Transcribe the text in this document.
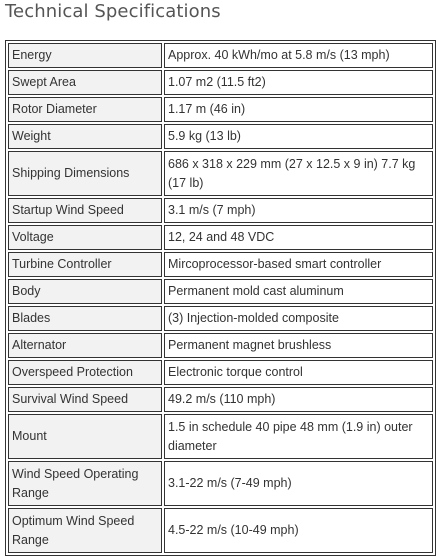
Technical Specifications
Energy	Approx. 40 kWh/mo at 5.8 m/s (13 mph)
Swept Area	1.07 m2 (11.5 ft2)
Rotor Diameter	1.17 m (46 in)
Weight	5.9 kg (13 lb)
Shipping Dimensions	686 x 318 x 229 mm (27 x 12.5 x 9 in) 7.7 kg (17 lb)
Startup Wind Speed	3.1 m/s (7 mph)
Voltage	12, 24 and 48 VDC
Turbine Controller	Mircoprocessor-based smart controller
Body	Permanent mold cast aluminum
Blades	(3) Injection-molded composite
Alternator	Permanent magnet brushless
Overspeed Protection	Electronic torque control
Survival Wind Speed	49.2 m/s (110 mph)
Mount	1.5 in schedule 40 pipe 48 mm (1.9 in) outer diameter
Wind Speed Operating Range	3.1-22 m/s (7-49 mph)
Optimum Wind Speed Range	4.5-22 m/s (10-49 mph)
